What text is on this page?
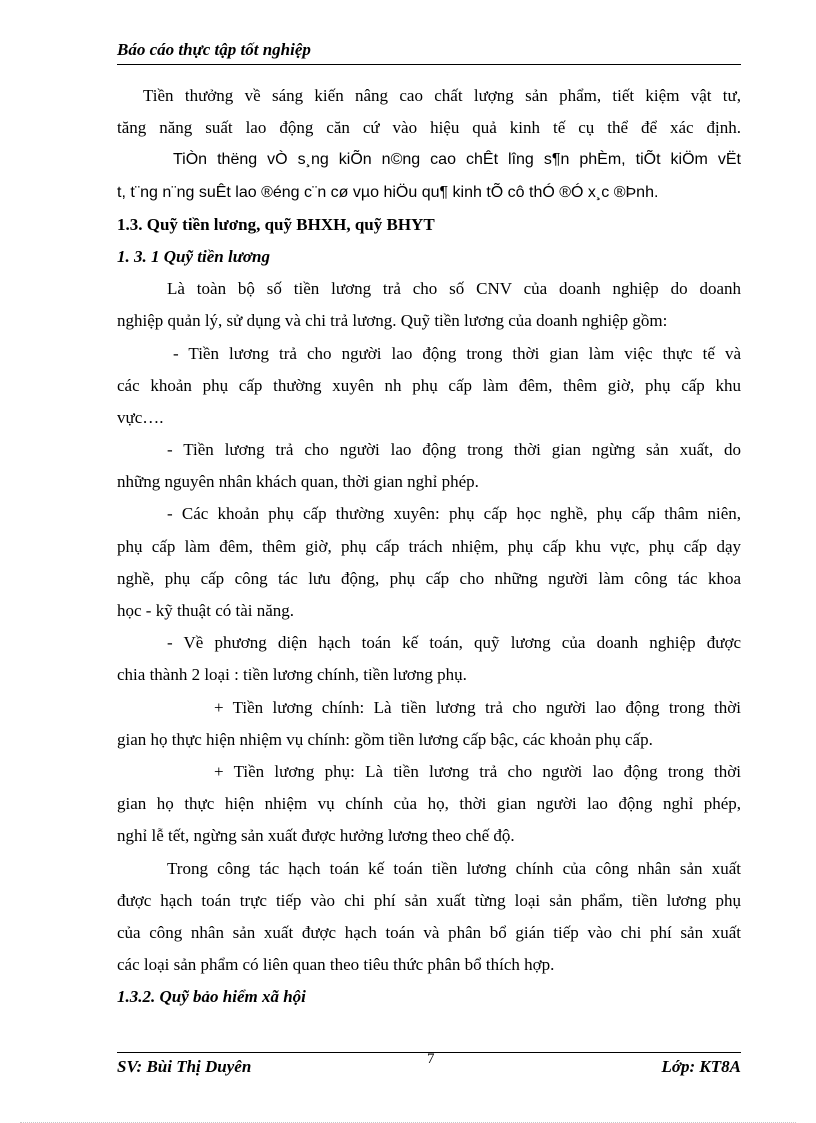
Báo cáo thực tập tốt nghiệp
Tiền thưởng về sáng kiến nâng cao chất lượng sản phẩm, tiết kiệm vật tư,
tăng năng suất lao động căn cứ vào hiệu quả kinh tế cụ thể để xác định.
TiÒn thëng vÒ s¸ng kiÕn n©ng cao chÊt lîng s¶n phÈm, tiÕt kiÖm vËt
t, t¨ng n¨ng suÊt lao ®éng c¨n cø vµo hiÖu qu¶ kinh tÕ cô thÓ ®Ó x¸c ®Þnh.
1.3. Quỹ tiền lương, quỹ BHXH, quỹ BHYT
1. 3. 1 Quỹ tiền lương
Là toàn bộ số tiền lương trả cho số CNV của doanh nghiệp do doanh
nghiệp quản lý, sử dụng và chi trả lương. Quỹ tiền lương của doanh nghiệp gồm:
- Tiền lương trả cho người lao động trong thời gian làm việc thực tế và
các khoản phụ cấp thường xuyên nh phụ cấp làm đêm, thêm giờ, phụ cấp khu
vực….
- Tiền lương trả cho người lao động trong thời gian ngừng sản xuất, do
những nguyên nhân khách quan, thời gian nghỉ phép.
- Các khoản phụ cấp thường xuyên: phụ cấp học nghề, phụ cấp thâm niên,
phụ cấp làm đêm, thêm giờ, phụ cấp trách nhiệm, phụ cấp khu vực, phụ cấp dạy
nghề, phụ cấp công tác lưu động, phụ cấp cho những người làm công tác khoa
học - kỹ thuật có tài năng.
- Về phương diện hạch toán kế toán, quỹ lương của doanh nghiệp được
chia thành 2 loại : tiền lương chính, tiền lương phụ.
+ Tiền lương chính: Là tiền lương trả cho người lao động trong thời
gian họ thực hiện nhiệm vụ chính: gồm tiền lương cấp bậc, các khoản phụ cấp.
+ Tiền lương phụ: Là tiền lương trả cho người lao động trong thời
gian họ thực hiện nhiệm vụ chính của họ, thời gian người lao động nghỉ phép,
nghỉ lễ tết, ngừng sản xuất được hưởng lương theo chế độ.
Trong công tác hạch toán kế toán tiền lương chính của công nhân sản xuất
được hạch toán trực tiếp vào chi phí sản xuất từng loại sản phẩm, tiền lương phụ
của công nhân sản xuất được hạch toán và phân bổ gián tiếp vào chi phí sản xuất
các loại sản phẩm có liên quan theo tiêu thức phân bổ thích hợp.
1.3.2. Quỹ bảo hiểm xã hội
SV: Bùi Thị Duyên	7	Lớp: KT8A
